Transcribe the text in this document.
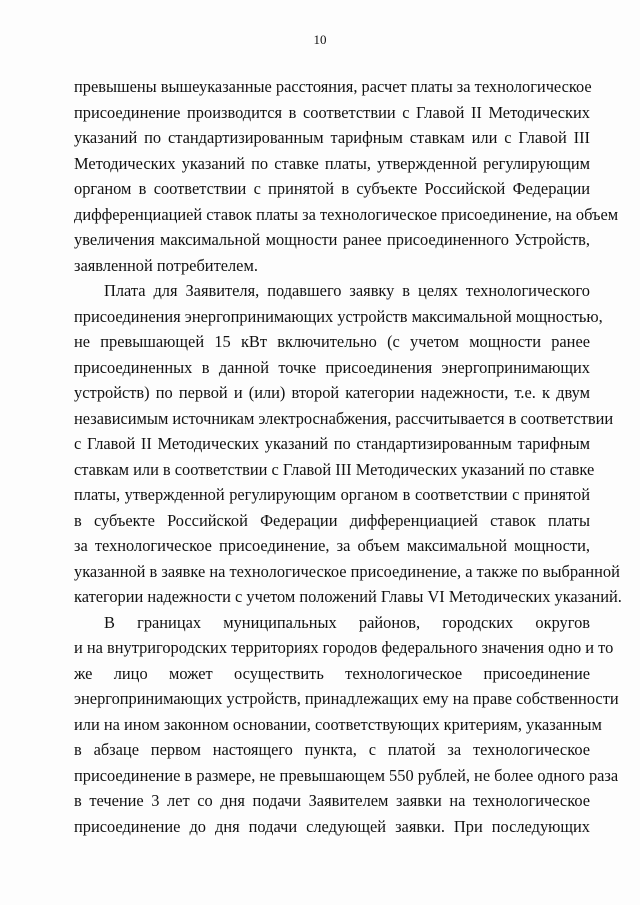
10
превышены вышеуказанные расстояния, расчет платы за технологическое
присоединение производится в соответствии с Главой II Методических
указаний по стандартизированным тарифным ставкам или с Главой III
Методических указаний по ставке платы, утвержденной регулирующим
органом в соответствии с принятой в субъекте Российской Федерации
дифференциацией ставок платы за технологическое присоединение, на объем
увеличения максимальной мощности ранее присоединенного Устройств,
заявленной потребителем.
Плата для Заявителя, подавшего заявку в целях технологического
присоединения энергопринимающих устройств максимальной мощностью,
не превышающей 15 кВт включительно (с учетом мощности ранее
присоединенных в данной точке присоединения энергопринимающих
устройств) по первой и (или) второй категории надежности, т.е. к двум
независимым источникам электроснабжения, рассчитывается в соответствии
с Главой II Методических указаний по стандартизированным тарифным
ставкам или в соответствии с Главой III Методических указаний по ставке
платы, утвержденной регулирующим органом в соответствии с принятой
в субъекте Российской Федерации дифференциацией ставок платы
за технологическое присоединение, за объем максимальной мощности,
указанной в заявке на технологическое присоединение, а также по выбранной
категории надежности с учетом положений Главы VI Методических указаний.
В границах муниципальных районов, городских округов
и на внутригородских территориях городов федерального значения одно и то
же лицо может осуществить технологическое присоединение
энергопринимающих устройств, принадлежащих ему на праве собственности
или на ином законном основании, соответствующих критериям, указанным
в абзаце первом настоящего пункта, с платой за технологическое
присоединение в размере, не превышающем 550 рублей, не более одного раза
в течение 3 лет со дня подачи Заявителем заявки на технологическое
присоединение до дня подачи следующей заявки. При последующих
